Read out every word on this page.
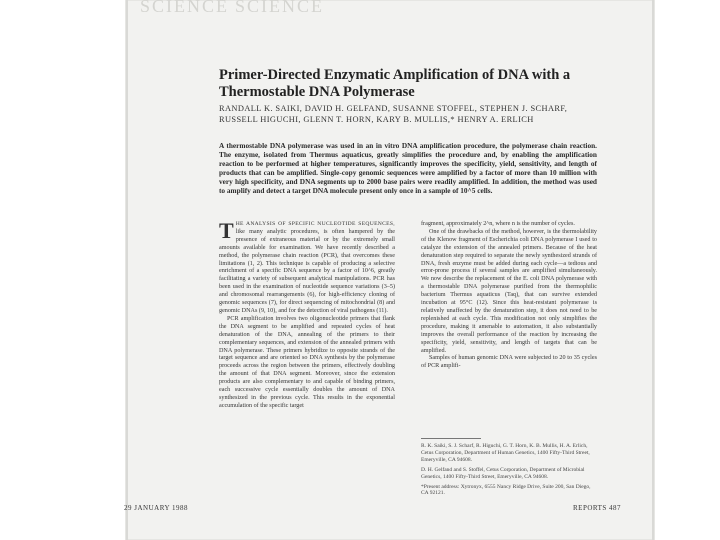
SCIENCE SCIENCE
Primer-Directed Enzymatic Amplification of DNA with a Thermostable DNA Polymerase
RANDALL K. SAIKI, DAVID H. GELFAND, SUSANNE STOFFEL, STEPHEN J. SCHARF, RUSSELL HIGUCHI, GLENN T. HORN, KARY B. MULLIS,* HENRY A. ERLICH
A thermostable DNA polymerase was used in an in vitro DNA amplification procedure, the polymerase chain reaction. The enzyme, isolated from Thermus aquaticus, greatly simplifies the procedure and, by enabling the amplification reaction to be performed at higher temperatures, significantly improves the specificity, yield, sensitivity, and length of products that can be amplified. Single-copy genomic sequences were amplified by a factor of more than 10 million with very high specificity, and DNA segments up to 2000 base pairs were readily amplified. In addition, the method was used to amplify and detect a target DNA molecule present only once in a sample of 10^5 cells.

T HE ANALYSIS OF SPECIFIC NUCLEOTIDE SEQUENCES, like many analytic procedures, is often hampered by the presence of extraneous material or by the extremely small amounts available for examination. We have recently described a method, the polymerase chain reaction (PCR), that overcomes these limitations (1, 2). This technique is capable of producing a selective enrichment of a specific DNA sequence by a factor of 10^6, greatly facilitating a variety of subsequent analytical manipulations. PCR has been used in the examination of nucleotide sequence variations (3–5) and chromosomal rearrangements (6), for high-efficiency cloning of genomic sequences (7), for direct sequencing of mitochondrial (8) and genomic DNAs (9, 10), and for the detection of viral pathogens (11).

PCR amplification involves two oligonucleotide primers that flank the DNA segment to be amplified and repeated cycles of heat denaturation of the DNA, annealing of the primers to their complementary sequences, and extension of the annealed primers with DNA polymerase. These primers hybridize to opposite strands of the target sequence and are oriented so DNA synthesis by the polymerase proceeds across the region between the primers, effectively doubling the amount of that DNA segment. Moreover, since the extension products are also complementary to and capable of binding primers, each successive cycle essentially doubles the amount of DNA synthesized in the previous cycle. This results in the exponential accumulation of the specific target

fragment, approximately 2^n, where n is the number of cycles.

One of the drawbacks of the method, however, is the thermolability of the Klenow fragment of Escherichia coli DNA polymerase I used to catalyze the extension of the annealed primers. Because of the heat denaturation step required to separate the newly synthesized strands of DNA, fresh enzyme must be added during each cycle—a tedious and error-prone process if several samples are amplified simultaneously. We now describe the replacement of the E. coli DNA polymerase with a thermostable DNA polymerase purified from the thermophilic bacterium Thermus aquaticus (Taq), that can survive extended incubation at 95°C (12). Since this heat-resistant polymerase is relatively unaffected by the denaturation step, it does not need to be replenished at each cycle. This modification not only simplifies the procedure, making it amenable to automation, it also substantially improves the overall performance of the reaction by increasing the specificity, yield, sensitivity, and length of targets that can be amplified.

Samples of human genomic DNA were subjected to 20 to 35 cycles of PCR amplifi-

R. K. Saiki, S. J. Scharf, R. Higuchi, G. T. Horn, K. B. Mullis, H. A. Erlich, Cetus Corporation, Department of Human Genetics, 1400 Fifty-Third Street, Emeryville, CA 94608.

D. H. Gelfand and S. Stoffel, Cetus Corporation, Department of Microbial Genetics, 1400 Fifty-Third Street, Emeryville, CA 94608.

*Present address: Xytronyx, 6555 Nancy Ridge Drive, Suite 200, San Diego, CA 92121.

29 JANUARY 1988	REPORTS 487
